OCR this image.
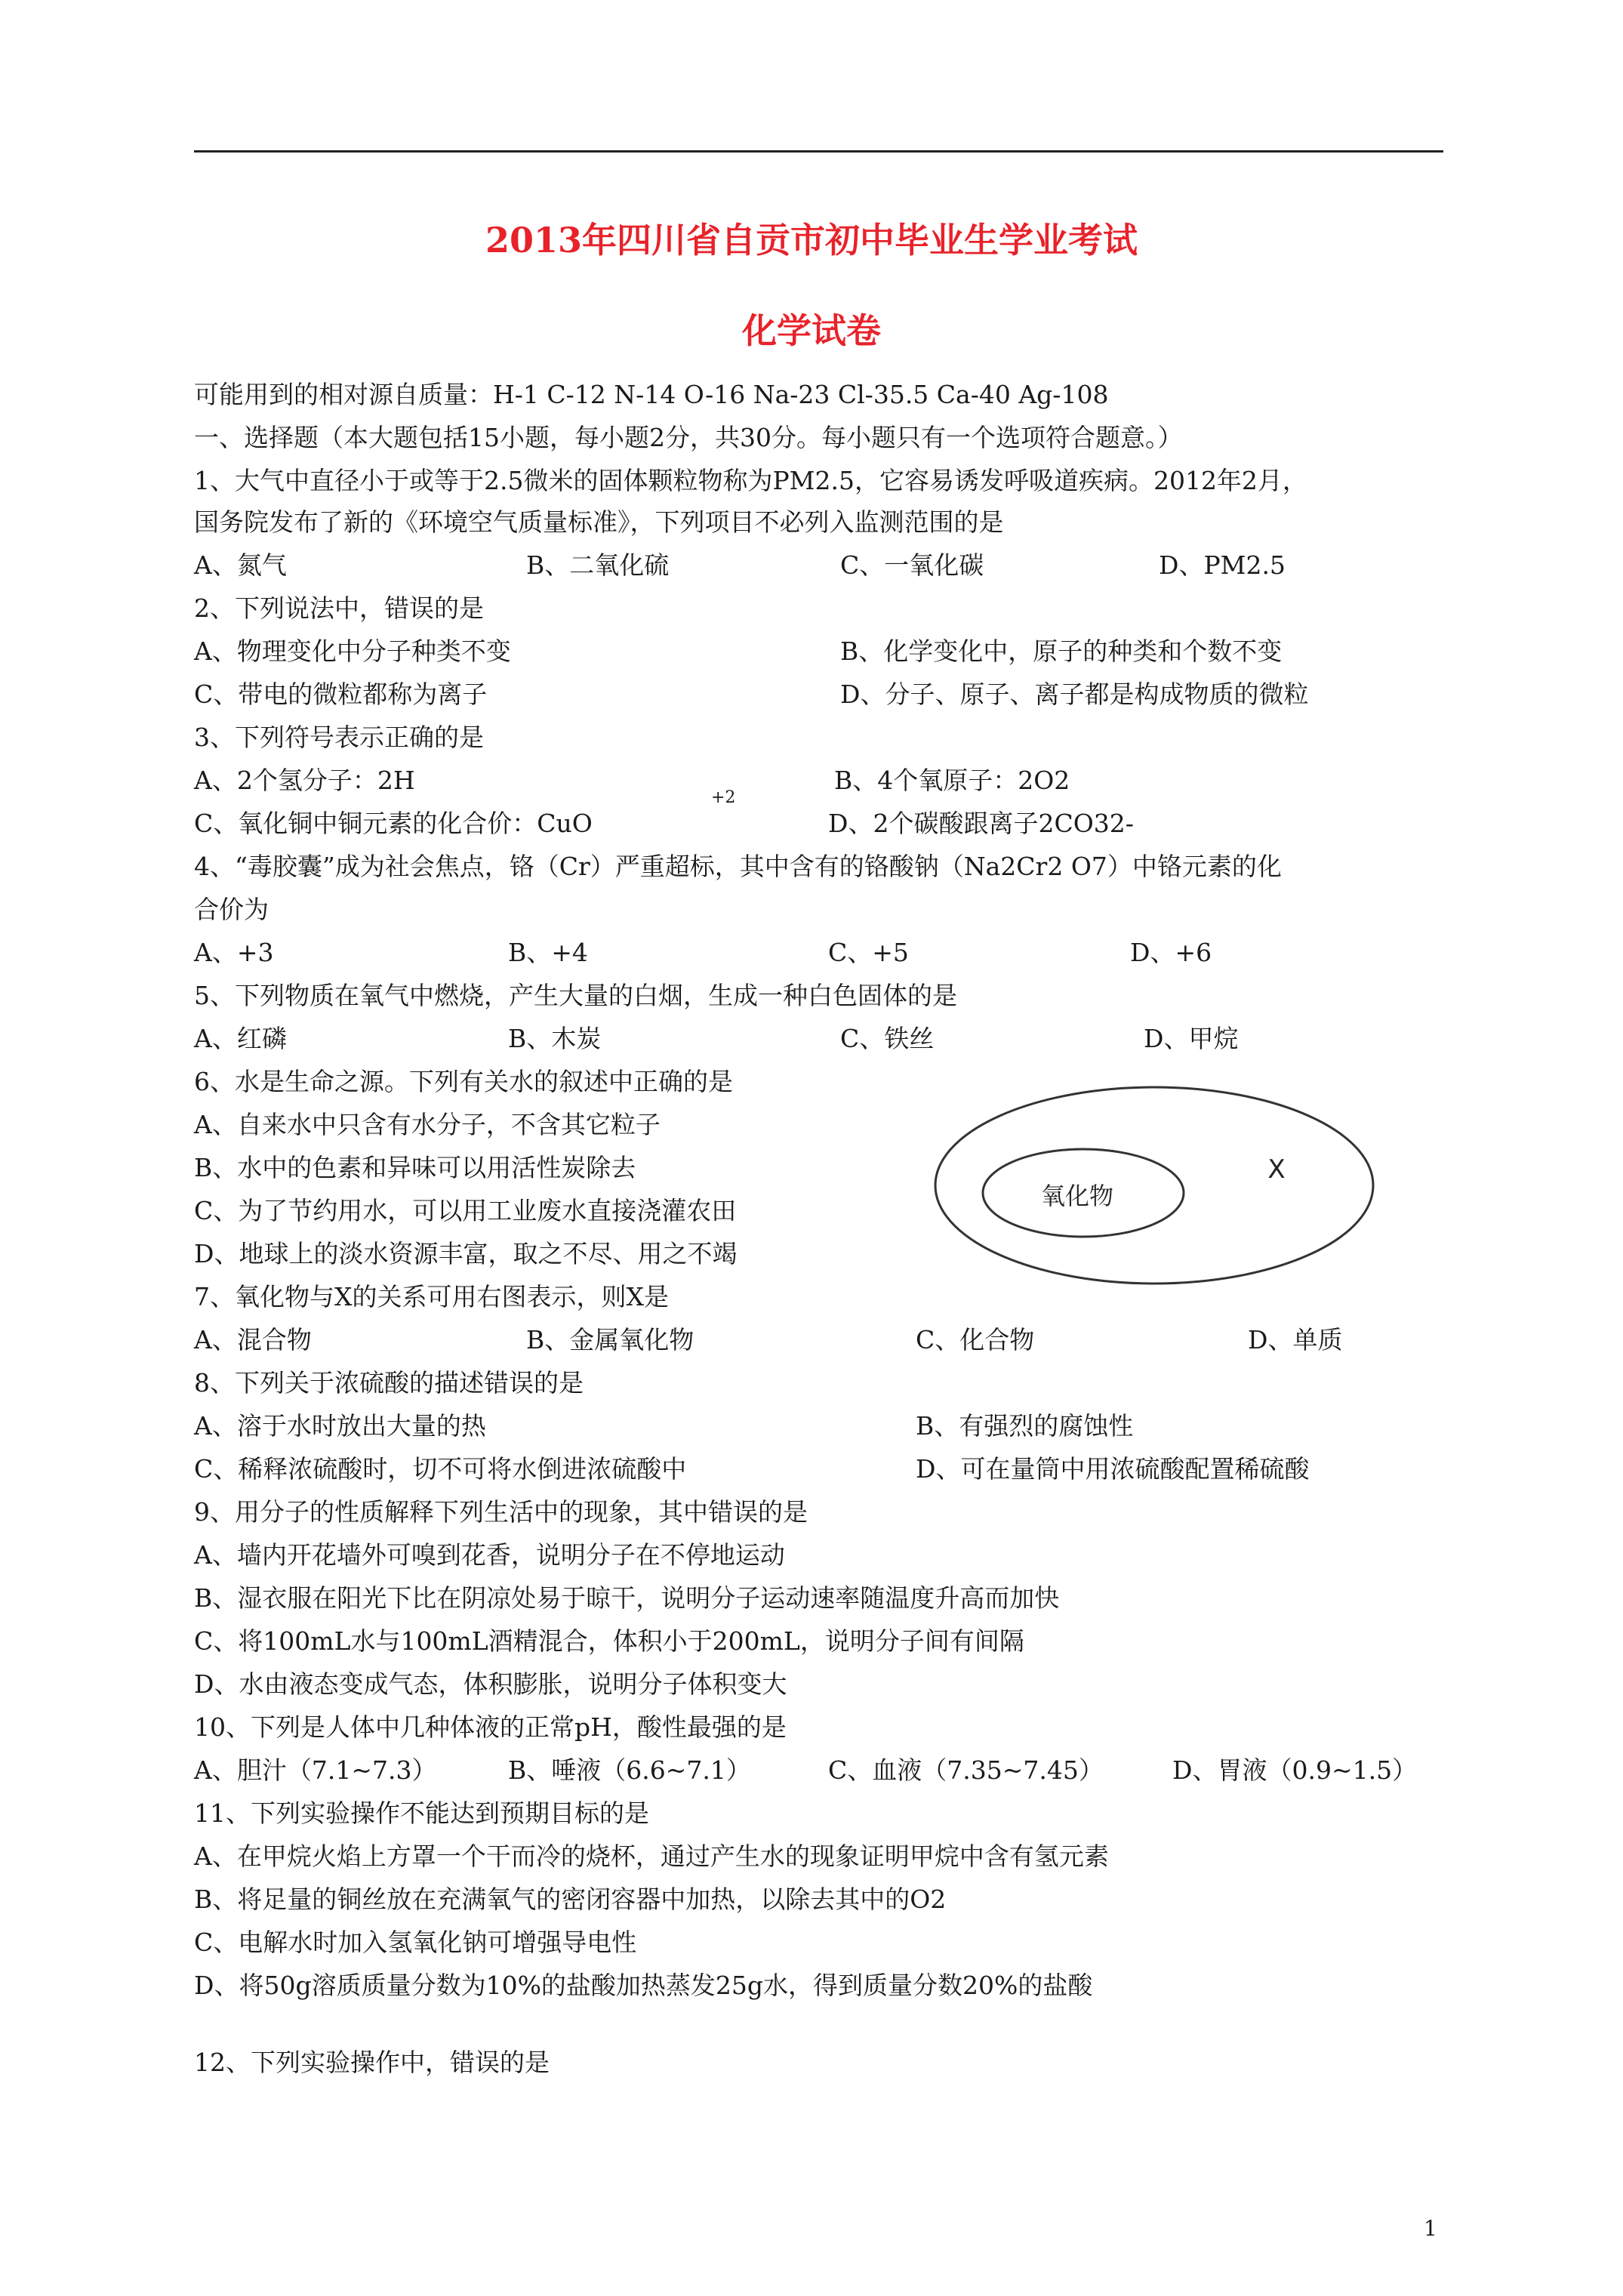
2013年四川省自贡市初中毕业生学业考试
化学试卷
可能用到的相对源自质量：H-1 C-12 N-14 O-16 Na-23 Cl-35.5 Ca-40 Ag-108
一、选择题（本大题包括15小题，每小题2分，共30分。每小题只有一个选项符合题意。）
1、大气中直径小于或等于2.5微米的固体颗粒物称为PM2.5，它容易诱发呼吸道疾病。2012年2月，
国务院发布了新的《环境空气质量标准》，下列项目不必列入监测范围的是
A、氮气	B、二氧化硫	C、一氧化碳	D、PM2.5
2、下列说法中，错误的是
A、物理变化中分子种类不变	B、化学变化中，原子的种类和个数不变
C、带电的微粒都称为离子	D、分子、原子、离子都是构成物质的微粒
3、下列符号表示正确的是
A、2个氢分子：2H	B、4个氧原子：2O2
C、氧化铜中铜元素的化合价：CuO
+2
D、2个碳酸跟离子2CO32-
4、“毒胶囊”成为社会焦点，铬（Cr）严重超标，其中含有的铬酸钠（Na2Cr2 O7）中铬元素的化
合价为
A、+3	B、+4	C、+5	D、+6
5、下列物质在氧气中燃烧，产生大量的白烟，生成一种白色固体的是
A、红磷	B、木炭	C、铁丝	D、甲烷
6、水是生命之源。下列有关水的叙述中正确的是
A、自来水中只含有水分子，不含其它粒子
B、水中的色素和异味可以用活性炭除去
C、为了节约用水，可以用工业废水直接浇灌农田
D、地球上的淡水资源丰富，取之不尽、用之不竭
氧化物
X
7、氧化物与X的关系可用右图表示，则X是
A、混合物	B、金属氧化物	C、化合物	D、单质
8、下列关于浓硫酸的描述错误的是
A、溶于水时放出大量的热	B、有强烈的腐蚀性
C、稀释浓硫酸时，切不可将水倒进浓硫酸中	D、可在量筒中用浓硫酸配置稀硫酸
9、用分子的性质解释下列生活中的现象，其中错误的是
A、墙内开花墙外可嗅到花香，说明分子在不停地运动
B、湿衣服在阳光下比在阴凉处易于晾干，说明分子运动速率随温度升高而加快
C、将100mL水与100mL酒精混合，体积小于200mL，说明分子间有间隔
D、水由液态变成气态，体积膨胀，说明分子体积变大
10、下列是人体中几种体液的正常pH，酸性最强的是
A、胆汁（7.1~7.3）	B、唾液（6.6~7.1）	C、血液（7.35~7.45）	D、胃液（0.9~1.5）
11、下列实验操作不能达到预期目标的是
A、在甲烷火焰上方罩一个干而冷的烧杯，通过产生水的现象证明甲烷中含有氢元素
B、将足量的铜丝放在充满氧气的密闭容器中加热，以除去其中的O2
C、电解水时加入氢氧化钠可增强导电性
D、将50g溶质质量分数为10%的盐酸加热蒸发25g水，得到质量分数20%的盐酸
12、下列实验操作中，错误的是
1
